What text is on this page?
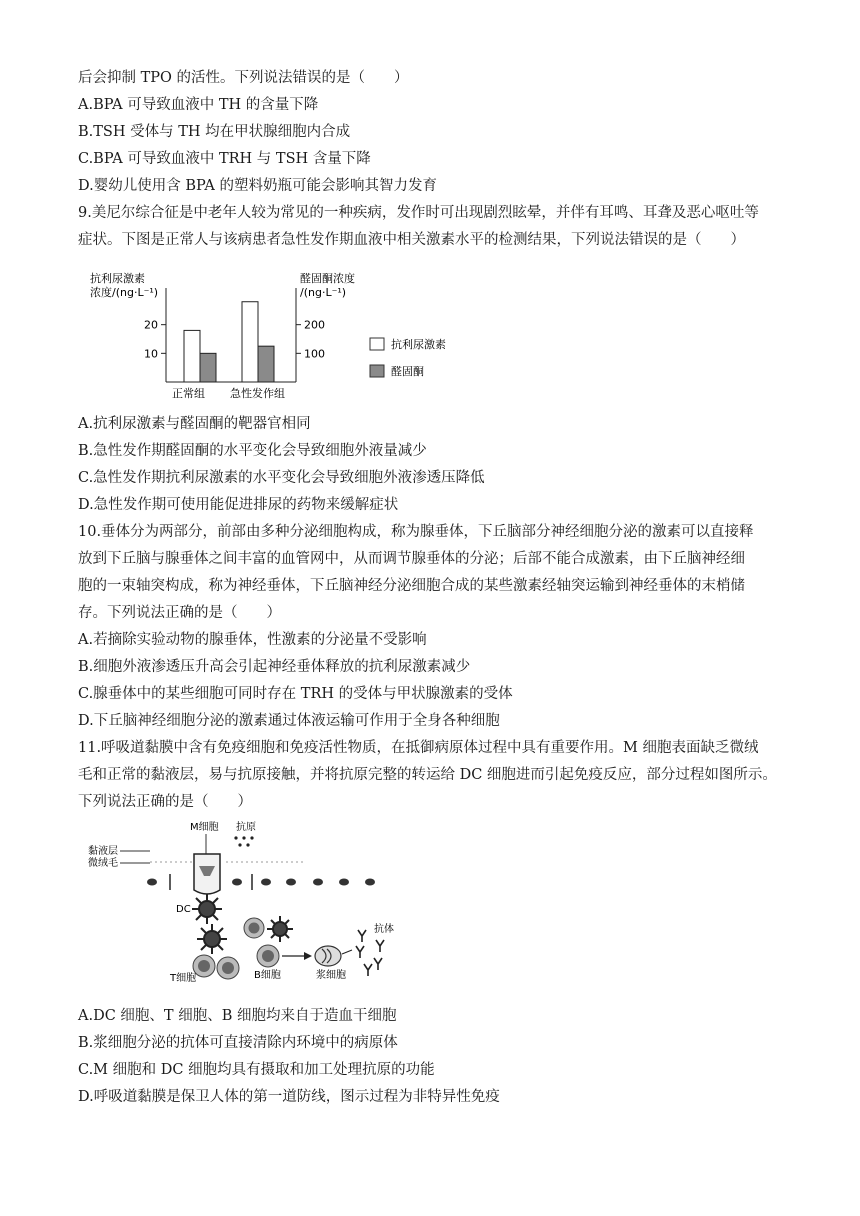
后会抑制 TPO 的活性。下列说法错误的是（　　）
A.BPA 可导致血液中 TH 的含量下降
B.TSH 受体与 TH 均在甲状腺细胞内合成
C.BPA 可导致血液中 TRH 与 TSH 含量下降
D.婴幼儿使用含 BPA 的塑料奶瓶可能会影响其智力发育
9.美尼尔综合征是中老年人较为常见的一种疾病，发作时可出现剧烈眩晕，并伴有耳鸣、耳聋及恶心呕吐等
症状。下图是正常人与该病患者急性发作期血液中相关激素水平的检测结果，下列说法错误的是（　　）
抗利尿激素
浓度/(ng·L⁻¹)
醛固酮浓度
/(ng·L⁻¹)
正常组 急性发作组
10
20
100
200
抗利尿激素
醛固酮
A.抗利尿激素与醛固酮的靶器官相同
B.急性发作期醛固酮的水平变化会导致细胞外液量减少
C.急性发作期抗利尿激素的水平变化会导致细胞外液渗透压降低
D.急性发作期可使用能促进排尿的药物来缓解症状
10.垂体分为两部分，前部由多种分泌细胞构成，称为腺垂体，下丘脑部分神经细胞分泌的激素可以直接释
放到下丘脑与腺垂体之间丰富的血管网中，从而调节腺垂体的分泌；后部不能合成激素，由下丘脑神经细
胞的一束轴突构成，称为神经垂体，下丘脑神经分泌细胞合成的某些激素经轴突运输到神经垂体的末梢储
存。下列说法正确的是（　　）
A.若摘除实验动物的腺垂体，性激素的分泌量不受影响
B.细胞外液渗透压升高会引起神经垂体释放的抗利尿激素减少
C.腺垂体中的某些细胞可同时存在 TRH 的受体与甲状腺激素的受体
D.下丘脑神经细胞分泌的激素通过体液运输可作用于全身各种细胞
11.呼吸道黏膜中含有免疫细胞和免疫活性物质，在抵御病原体过程中具有重要作用。M 细胞表面缺乏微绒
毛和正常的黏液层，易与抗原接触，并将抗原完整的转运给 DC 细胞进而引起免疫反应，部分过程如图所示。
下列说法正确的是（　　）
黏液层
微绒毛
M细胞 抗原
DC
T细胞	B细胞	浆细胞
抗体
A.DC 细胞、T 细胞、B 细胞均来自于造血干细胞
B.浆细胞分泌的抗体可直接清除内环境中的病原体
C.M 细胞和 DC 细胞均具有摄取和加工处理抗原的功能
D.呼吸道黏膜是保卫人体的第一道防线，图示过程为非特异性免疫
